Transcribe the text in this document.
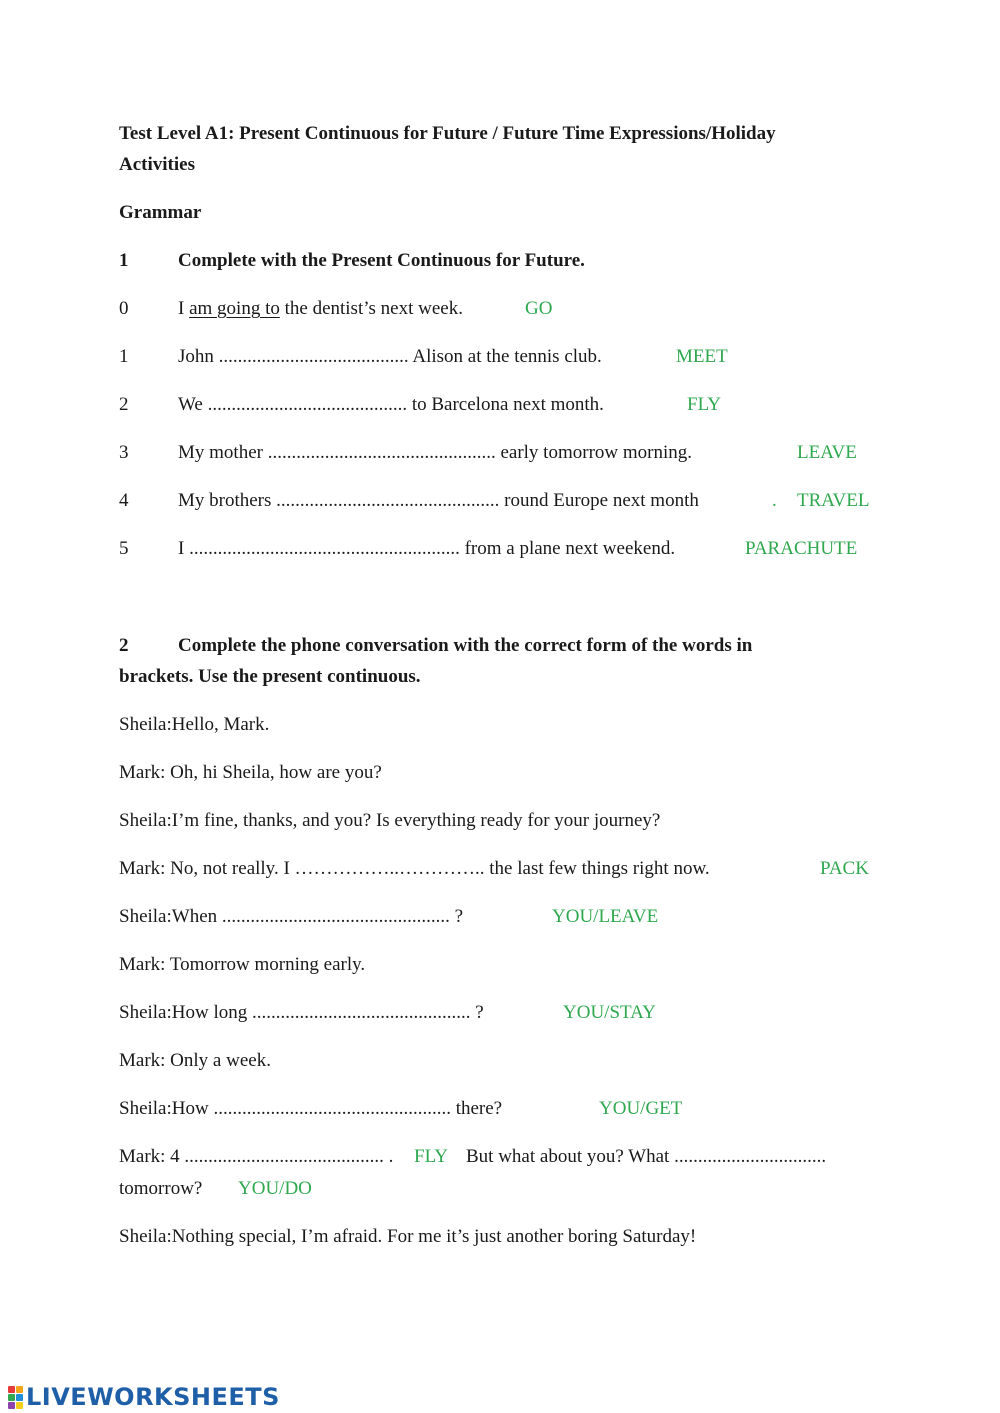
Test Level A1: Present Continuous for Future / Future Time Expressions/Holiday
Activities
Grammar
1	Complete with the Present Continuous for Future.
0	I am going to the dentist’s next week.	GO
1	John ........................................ Alison at the tennis club.	MEET
2	We .......................................... to Barcelona next month.	FLY
3	My mother ................................................ early tomorrow morning.	LEAVE
4	My brothers ............................................... round Europe next month	. TRAVEL
5	I ......................................................... from a plane next weekend.	PARACHUTE
2	Complete the phone conversation with the correct form of the words in
brackets. Use the present continuous.
Sheila:Hello, Mark.
Mark: Oh, hi Sheila, how are you?
Sheila:I’m fine, thanks, and you? Is everything ready for your journey?
Mark: No, not really. I ……………..………….. the last few things right now.	PACK
Sheila:When ................................................ ?	YOU/LEAVE
Mark: Tomorrow morning early.
Sheila:How long .............................................. ?	YOU/STAY
Mark: Only a week.
Sheila:How .................................................. there?	YOU/GET
Mark: 4 .......................................... . FLY But what about you? What ................................
tomorrow? YOU/DO
Sheila:Nothing special, I’m afraid. For me it’s just another boring Saturday!
LIVEWORKSHEETS
